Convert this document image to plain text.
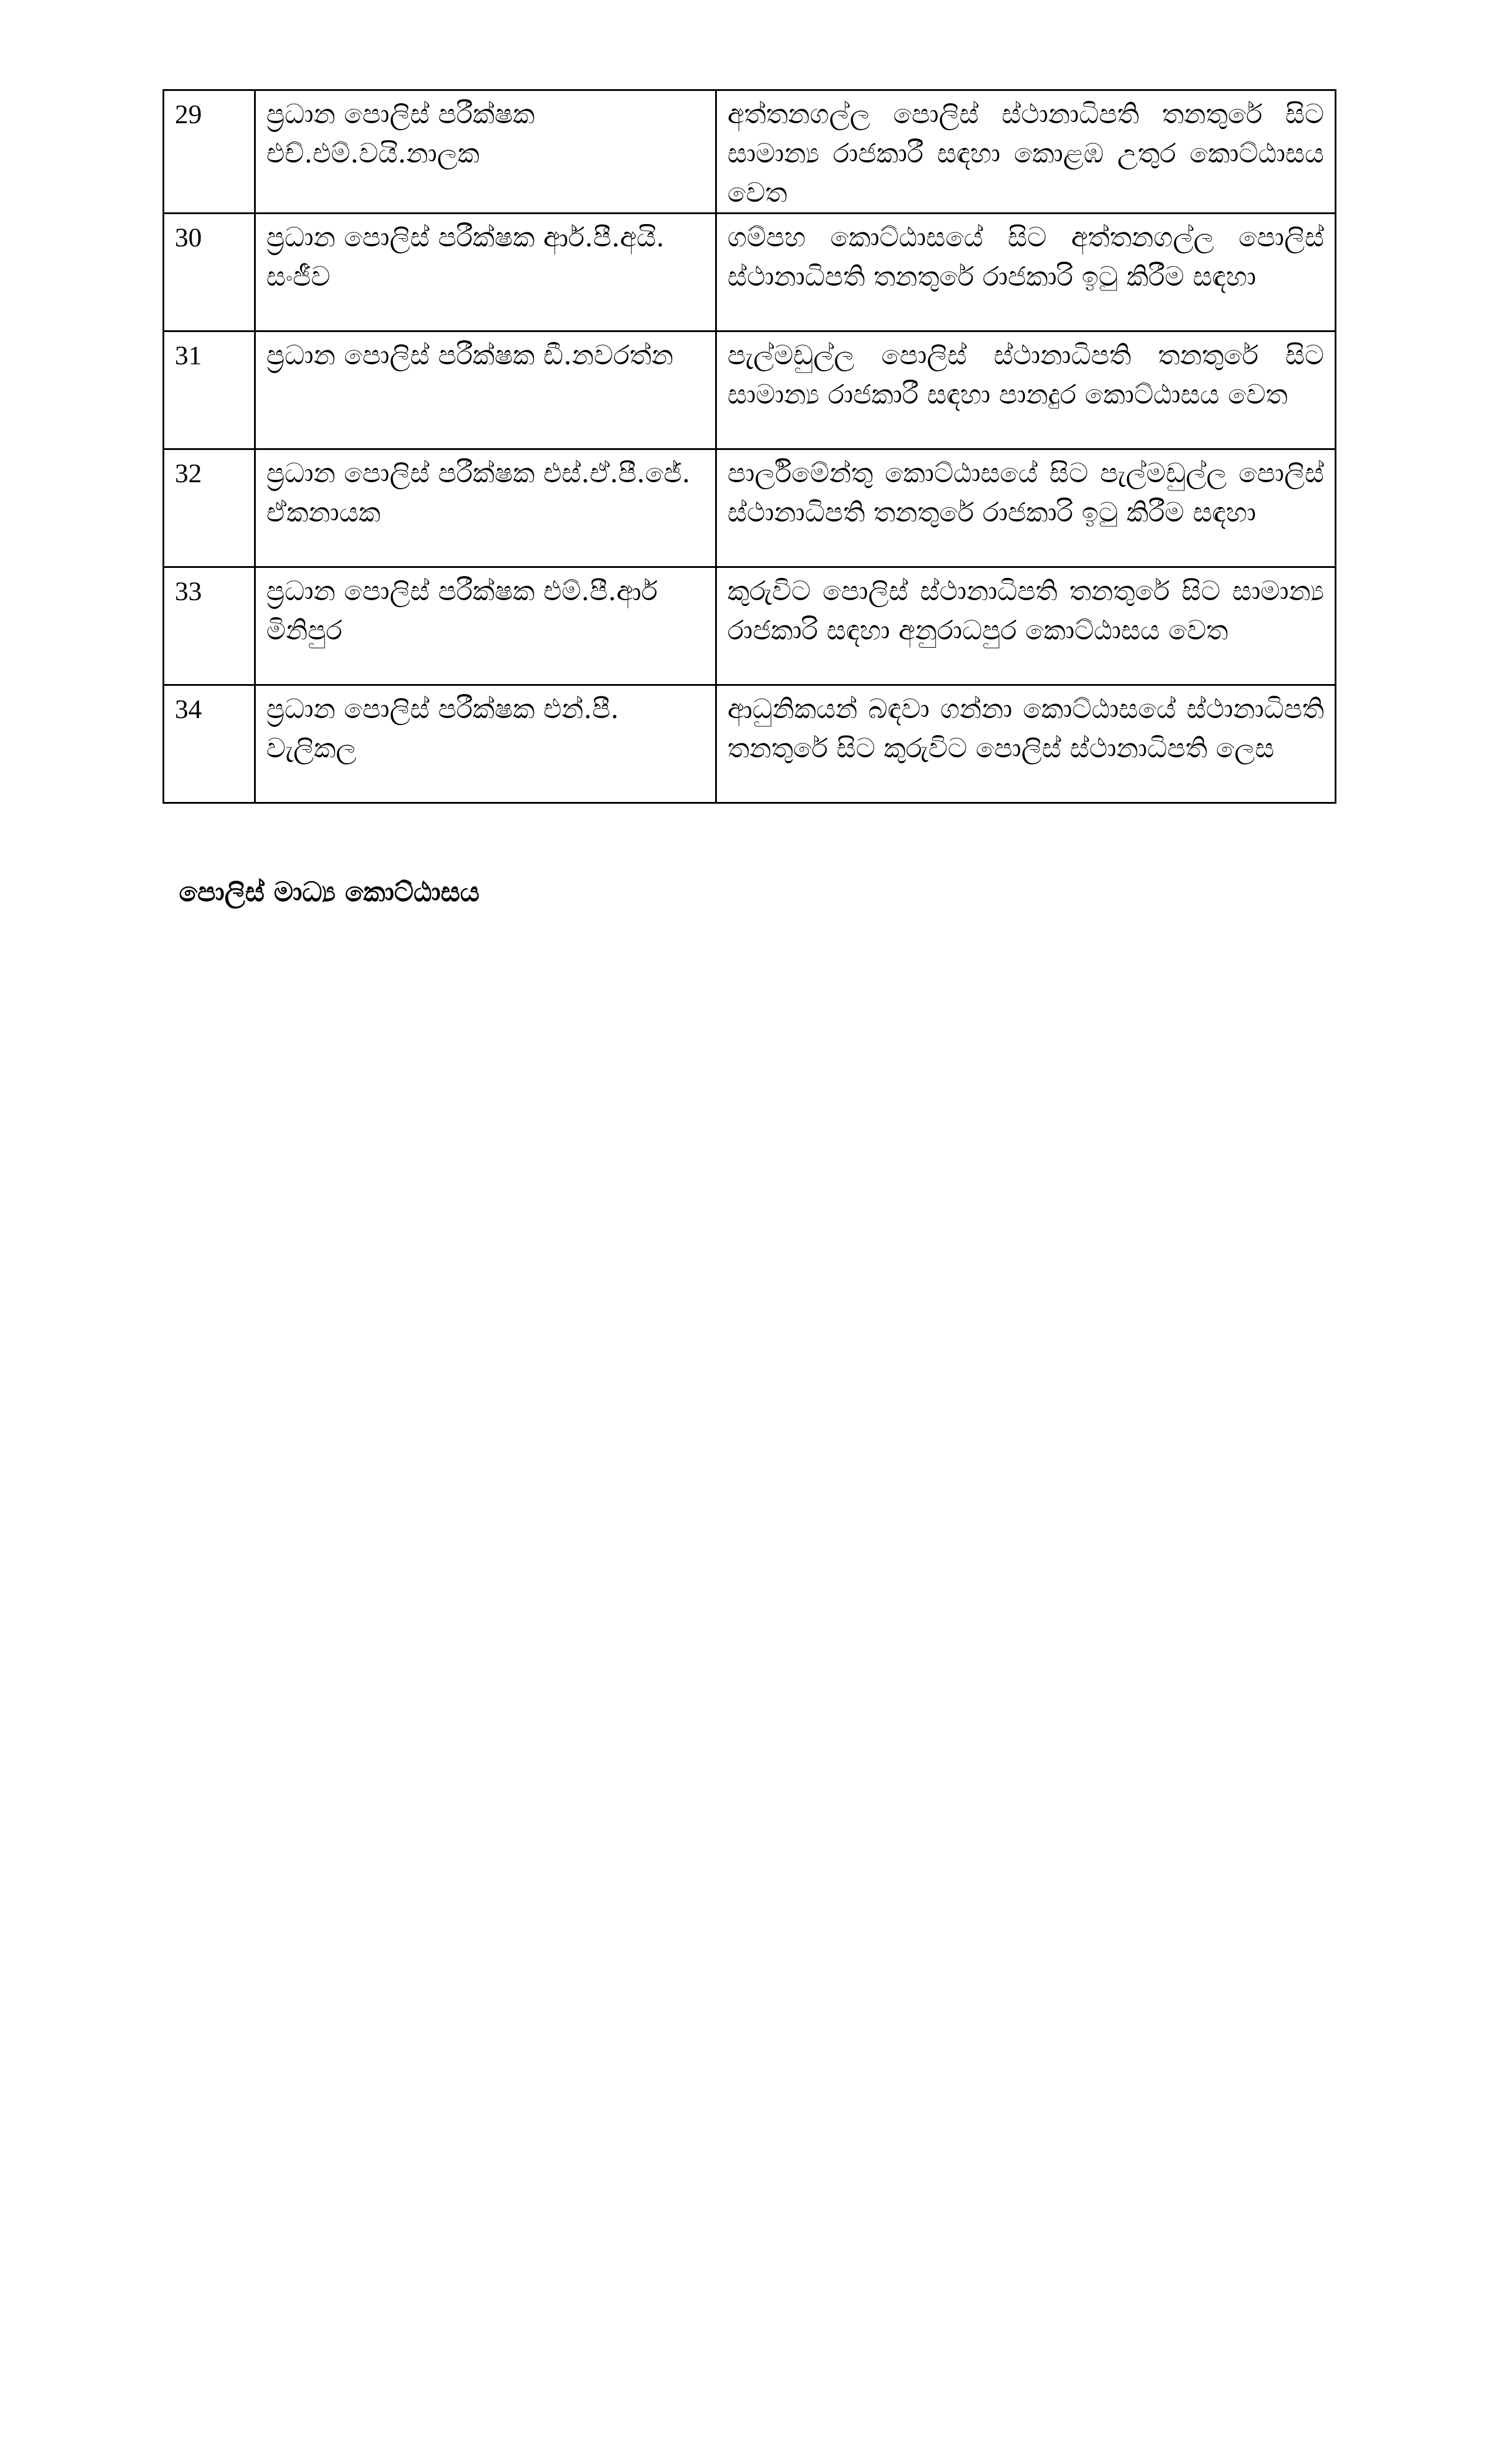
29	ප්‍රධාන පොලිස් පරීක්ෂක එච්.එම්.වයි.නාලක	අත්තනගල්ල පොලිස් ස්ථානාධිපති තනතුරේ සිට සාමාන්‍ය රාජකාරී සඳහා කොළඹ උතුර කොට්ඨාසය වෙත
30	ප්‍රධාන පොලිස් පරීක්ෂක ආර්.පී.අයි. සංජීව	ගම්පහ කොට්ඨාසයේ සිට අත්තනගල්ල පොලිස් ස්ථානාධිපති තනතුරේ රාජකාරි ඉටු කිරීම සඳහා
31	ප්‍රධාන පොලිස් පරීක්ෂක ඩී.නවරත්න	පැල්මඩුල්ල පොලිස් ස්ථානාධිපති තනතුරේ සිට සාමාන්‍ය රාජකාරී සඳහා පානදුර කොට්ඨාසය වෙත
32	ප්‍රධාන පොලිස් පරීක්ෂක එස්.ඒ.පී.ජේ. ඒකනායක	පාර්ලිමේන්තු කොට්ඨාසයේ සිට පැල්මඩුල්ල පොලිස් ස්ථානාධිපති තනතුරේ රාජකාරි ඉටු කිරීම සඳහා
33	ප්‍රධාන පොලිස් පරීක්ෂක එම්.පී.ආර් මිනිපුර	කුරුවිට පොලිස් ස්ථානාධිපති තනතුරේ සිට සාමාන්‍ය රාජකාරි සඳහා අනුරාධපුර කොට්ඨාසය වෙත
34	ප්‍රධාන පොලිස් පරීක්ෂක එන්.පී. වැලිකල	ආධුනිකයන් බඳවා ගන්නා කොට්ඨාසයේ ස්ථානාධිපති තනතුරේ සිට කුරුවිට පොලිස් ස්ථානාධිපති ලෙස
පොලිස් මාධ්‍ය කොට්ඨාසය
